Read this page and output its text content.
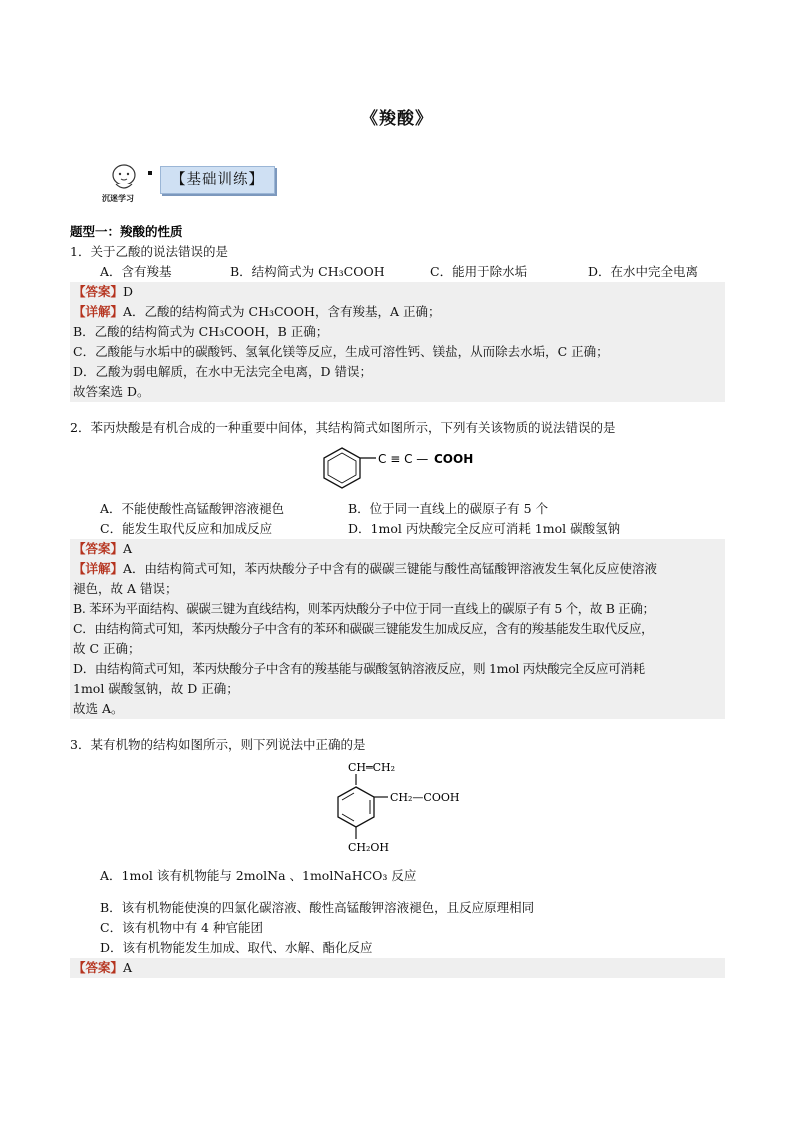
《羧酸》
沉迷学习
【基础训练】
题型一：羧酸的性质
1．关于乙酸的说法错误的是
A．含有羧基	B．结构简式为 CH₃COOH	C．能用于除水垢	D．在水中完全电离
【答案】D
【详解】A．乙酸的结构简式为 CH₃COOH，含有羧基，A 正确；
B．乙酸的结构简式为 CH₃COOH，B 正确；
C．乙酸能与水垢中的碳酸钙、氢氧化镁等反应，生成可溶性钙、镁盐，从而除去水垢，C 正确；
D．乙酸为弱电解质，在水中无法完全电离，D 错误；
故答案选 D。
2．苯丙炔酸是有机合成的一种重要中间体，其结构简式如图所示，下列有关该物质的说法错误的是
C ≡ C — COOH
A．不能使酸性高锰酸钾溶液褪色	B．位于同一直线上的碳原子有 5 个
C．能发生取代反应和加成反应	D．1mol 丙炔酸完全反应可消耗 1mol 碳酸氢钠
【答案】A
【详解】A．由结构简式可知，苯丙炔酸分子中含有的碳碳三键能与酸性高锰酸钾溶液发生氧化反应使溶液
褪色，故 A 错误；
B. 苯环为平面结构、碳碳三键为直线结构，则苯丙炔酸分子中位于同一直线上的碳原子有 5 个，故 B 正确；
C．由结构简式可知，苯丙炔酸分子中含有的苯环和碳碳三键能发生加成反应，含有的羧基能发生取代反应，
故 C 正确；
D．由结构简式可知，苯丙炔酸分子中含有的羧基能与碳酸氢钠溶液反应，则 1mol 丙炔酸完全反应可消耗
1mol 碳酸氢钠，故 D 正确；
故选 A。
3．某有机物的结构如图所示，则下列说法中正确的是
CH═CH₂
CH₂—COOH
CH₂OH
A．1mol 该有机物能与 2molNa 、1molNaHCO₃ 反应
B．该有机物能使溴的四氯化碳溶液、酸性高锰酸钾溶液褪色，且反应原理相同
C．该有机物中有 4 种官能团
D．该有机物能发生加成、取代、水解、酯化反应
【答案】A
